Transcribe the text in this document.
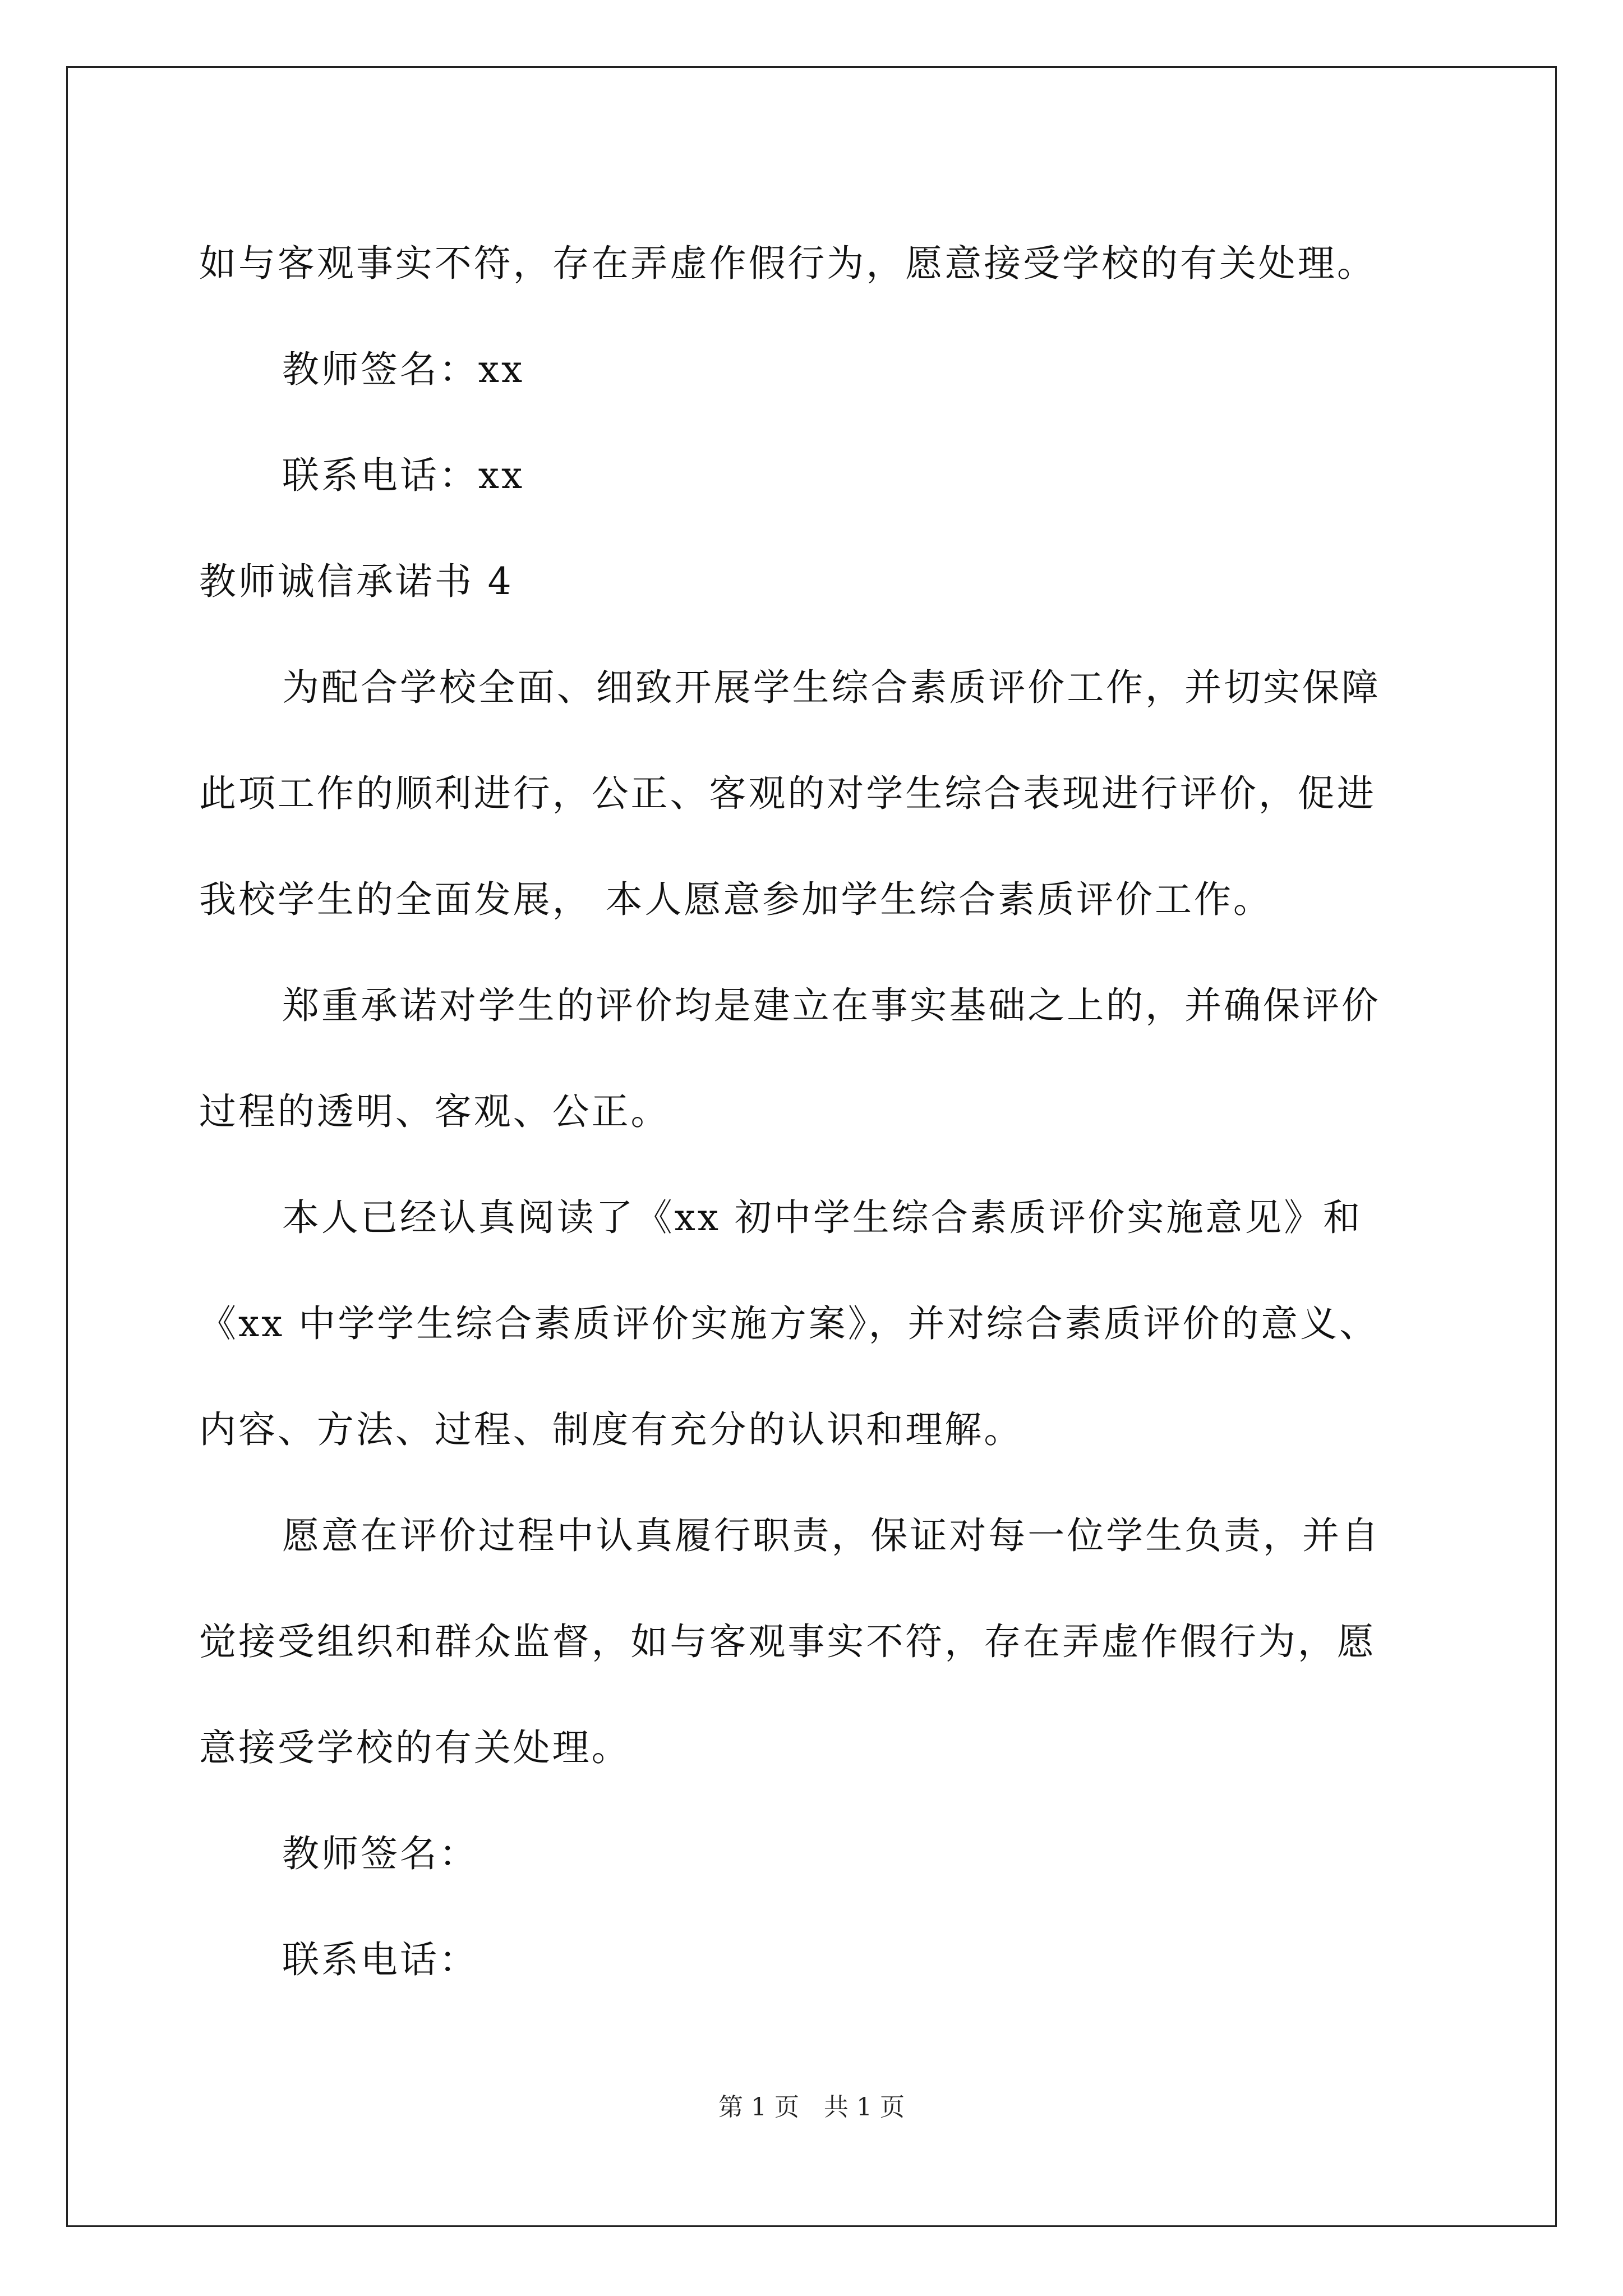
如与客观事实不符，存在弄虚作假行为，愿意接受学校的有关处理。

教师签名：xx

联系电话：xx

教师诚信承诺书 4

为配合学校全面、细致开展学生综合素质评价工作，并切实保障

此项工作的顺利进行，公正、客观的对学生综合表现进行评价，促进

我校学生的全面发展， 本人愿意参加学生综合素质评价工作。

郑重承诺对学生的评价均是建立在事实基础之上的，并确保评价

过程的透明、客观、公正。

本人已经认真阅读了《xx 初中学生综合素质评价实施意见》和

《xx 中学学生综合素质评价实施方案》，并对综合素质评价的意义、

内容、方法、过程、制度有充分的认识和理解。

愿意在评价过程中认真履行职责，保证对每一位学生负责，并自

觉接受组织和群众监督，如与客观事实不符，存在弄虚作假行为，愿

意接受学校的有关处理。

教师签名：

联系电话：

第 1 页　共 1 页
